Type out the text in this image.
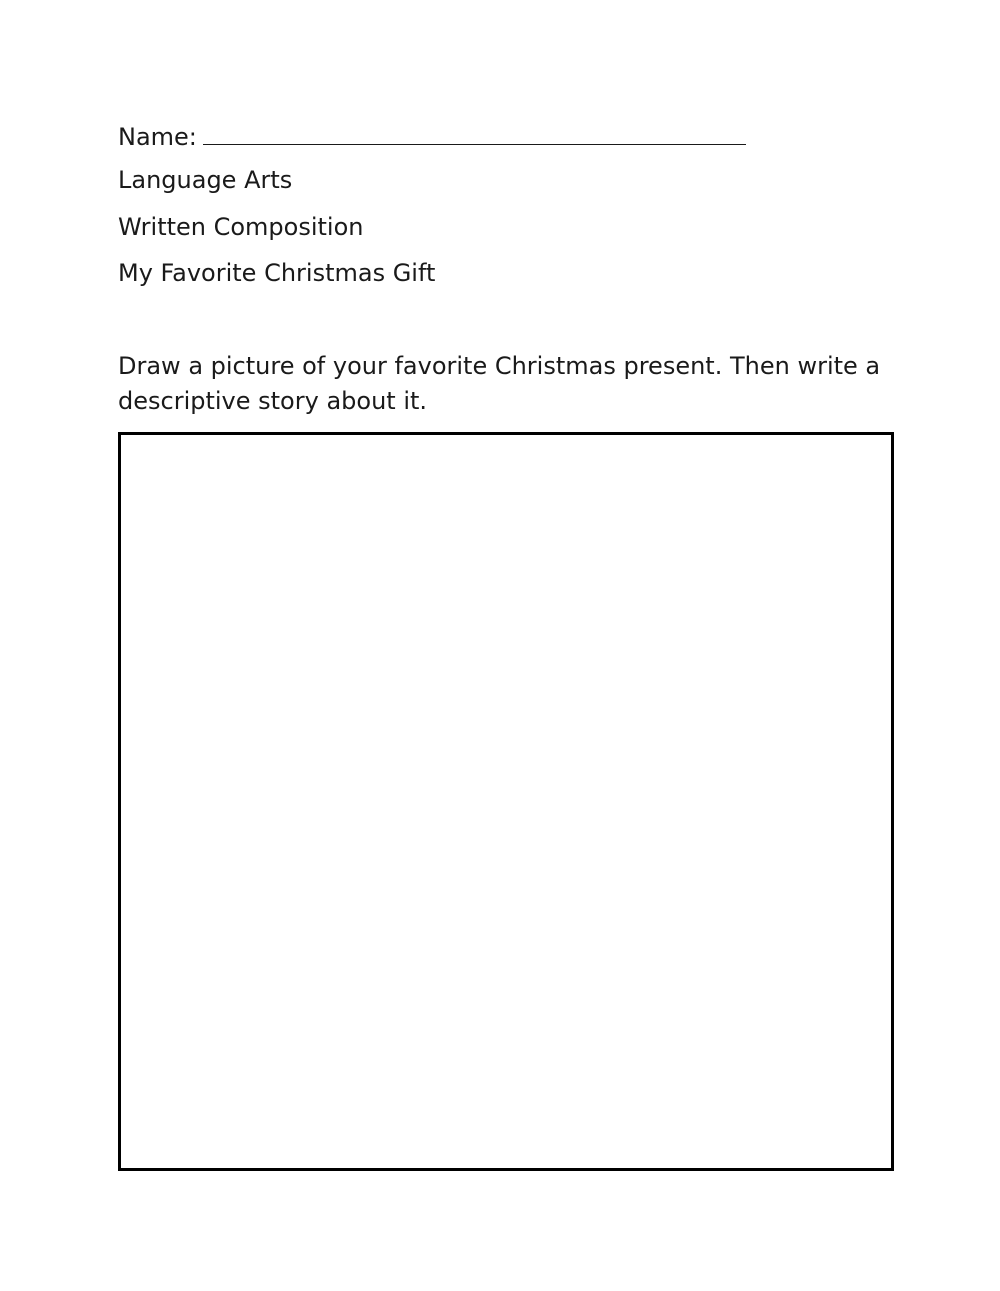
Name:
Language Arts
Written Composition
My Favorite Christmas Gift
Draw a picture of your favorite Christmas present. Then write a descriptive story about it.
